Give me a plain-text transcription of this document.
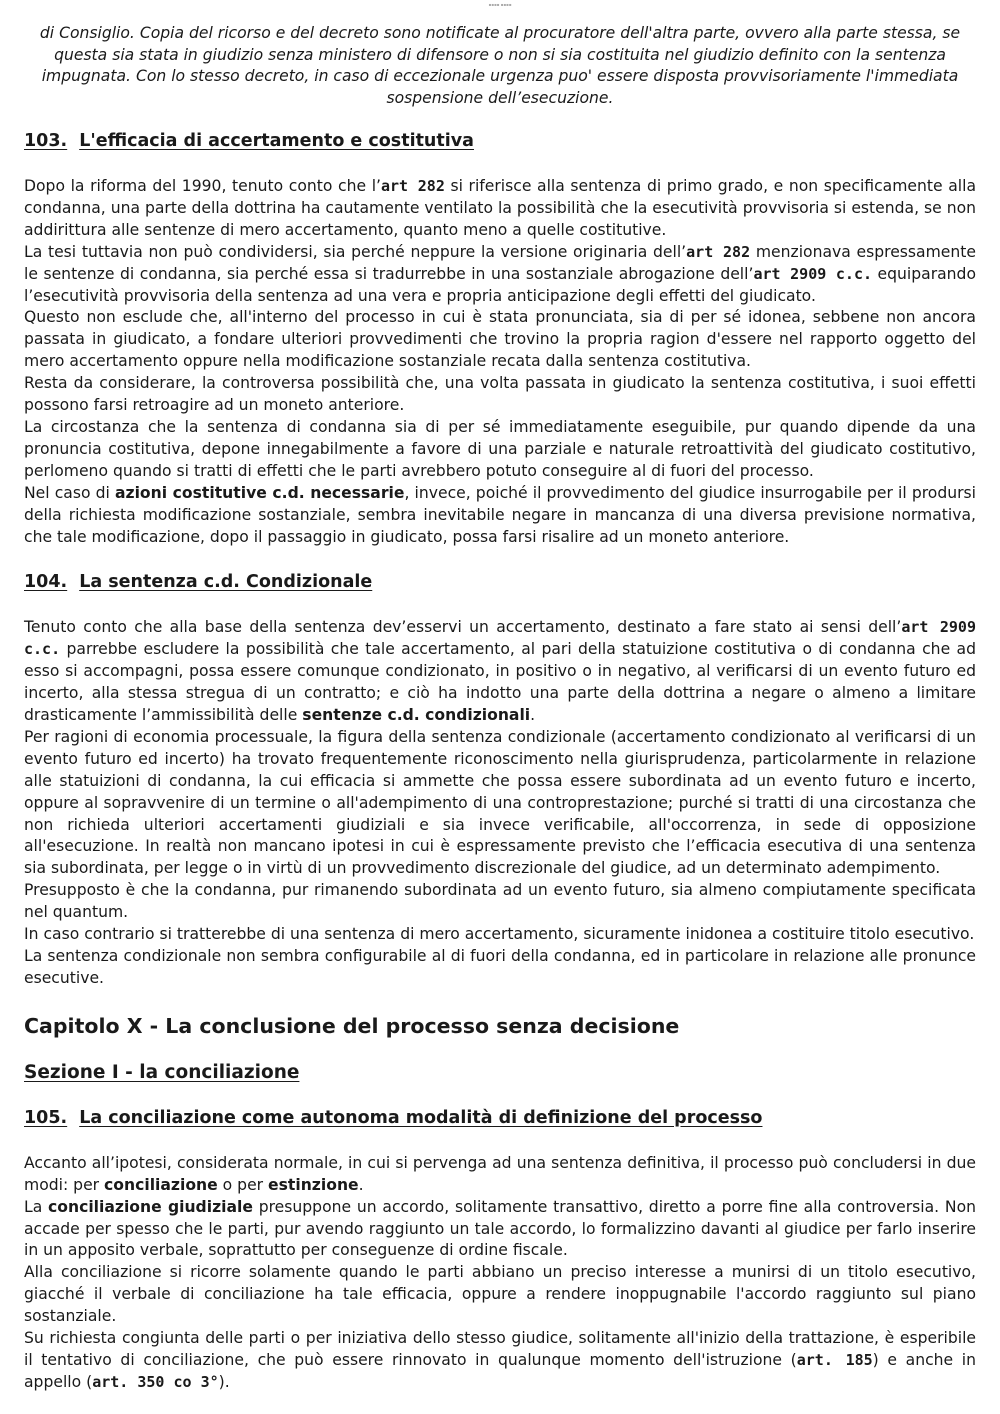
▪▪▪▪ ▪▪▪▪
di Consiglio. Copia del ricorso e del decreto sono notificate al procuratore dell'altra parte, ovvero alla parte stessa, se questa sia stata in giudizio senza ministero di difensore o non si sia costituita nel giudizio definito con la sentenza impugnata. Con lo stesso decreto, in caso di eccezionale urgenza puo' essere disposta provvisoriamente l'immediata sospensione dell’esecuzione.
103. L'efficacia di accertamento e costitutiva

Dopo la riforma del 1990, tenuto conto che l’art 282 si riferisce alla sentenza di primo grado, e non specificamente alla condanna, una parte della dottrina ha cautamente ventilato la possibilità che la esecutività provvisoria si estenda, se non addirittura alle sentenze di mero accertamento, quanto meno a quelle costitutive.

La tesi tuttavia non può condividersi, sia perché neppure la versione originaria dell’art 282 menzionava espressamente le sentenze di condanna, sia perché essa si tradurrebbe in una sostanziale abrogazione dell’art 2909 c.c. equiparando l’esecutività provvisoria della sentenza ad una vera e propria anticipazione degli effetti del giudicato.

Questo non esclude che, all'interno del processo in cui è stata pronunciata, sia di per sé idonea, sebbene non ancora passata in giudicato, a fondare ulteriori provvedimenti che trovino la propria ragion d'essere nel rapporto oggetto del mero accertamento oppure nella modificazione sostanziale recata dalla sentenza costitutiva.

Resta da considerare, la controversa possibilità che, una volta passata in giudicato la sentenza costitutiva, i suoi effetti possono farsi retroagire ad un moneto anteriore.

La circostanza che la sentenza di condanna sia di per sé immediatamente eseguibile, pur quando dipende da una pronuncia costitutiva, depone innegabilmente a favore di una parziale e naturale retroattività del giudicato costitutivo, perlomeno quando si tratti di effetti che le parti avrebbero potuto conseguire al di fuori del processo.

Nel caso di azioni costitutive c.d. necessarie, invece, poiché il provvedimento del giudice insurrogabile per il prodursi della richiesta modificazione sostanziale, sembra inevitabile negare in mancanza di una diversa previsione normativa, che tale modificazione, dopo il passaggio in giudicato, possa farsi risalire ad un moneto anteriore.

104. La sentenza c.d. Condizionale

Tenuto conto che alla base della sentenza dev’esservi un accertamento, destinato a fare stato ai sensi dell’art 2909 c.c. parrebbe escludere la possibilità che tale accertamento, al pari della statuizione costitutiva o di condanna che ad esso si accompagni, possa essere comunque condizionato, in positivo o in negativo, al verificarsi di un evento futuro ed incerto, alla stessa stregua di un contratto; e ciò ha indotto una parte della dottrina a negare o almeno a limitare drasticamente l’ammissibilità delle sentenze c.d. condizionali.

Per ragioni di economia processuale, la figura della sentenza condizionale (accertamento condizionato al verificarsi di un evento futuro ed incerto) ha trovato frequentemente riconoscimento nella giurisprudenza, particolarmente in relazione alle statuizioni di condanna, la cui efficacia si ammette che possa essere subordinata ad un evento futuro e incerto, oppure al sopravvenire di un termine o all'adempimento di una controprestazione; purché si tratti di una circostanza che non richieda ulteriori accertamenti giudiziali e sia invece verificabile, all'occorrenza, in sede di opposizione all'esecuzione. In realtà non mancano ipotesi in cui è espressamente previsto che l’efficacia esecutiva di una sentenza sia subordinata, per legge o in virtù di un provvedimento discrezionale del giudice, ad un determinato adempimento.

Presupposto è che la condanna, pur rimanendo subordinata ad un evento futuro, sia almeno compiutamente specificata nel quantum.

In caso contrario si tratterebbe di una sentenza di mero accertamento, sicuramente inidonea a costituire titolo esecutivo.

La sentenza condizionale non sembra configurabile al di fuori della condanna, ed in particolare in relazione alle pronunce esecutive.

Capitolo X - La conclusione del processo senza decisione
Sezione I - la conciliazione
105. La conciliazione come autonoma modalità di definizione del processo

Accanto all’ipotesi, considerata normale, in cui si pervenga ad una sentenza definitiva, il processo può concludersi in due modi: per conciliazione o per estinzione.

La conciliazione giudiziale presuppone un accordo, solitamente transattivo, diretto a porre fine alla controversia. Non accade per spesso che le parti, pur avendo raggiunto un tale accordo, lo formalizzino davanti al giudice per farlo inserire in un apposito verbale, soprattutto per conseguenze di ordine fiscale.

Alla conciliazione si ricorre solamente quando le parti abbiano un preciso interesse a munirsi di un titolo esecutivo, giacché il verbale di conciliazione ha tale efficacia, oppure a rendere inoppugnabile l'accordo raggiunto sul piano sostanziale.

Su richiesta congiunta delle parti o per iniziativa dello stesso giudice, solitamente all'inizio della trattazione, è esperibile il tentativo di conciliazione, che può essere rinnovato in qualunque momento dell'istruzione (art. 185) e anche in appello (art. 350 co 3°).
